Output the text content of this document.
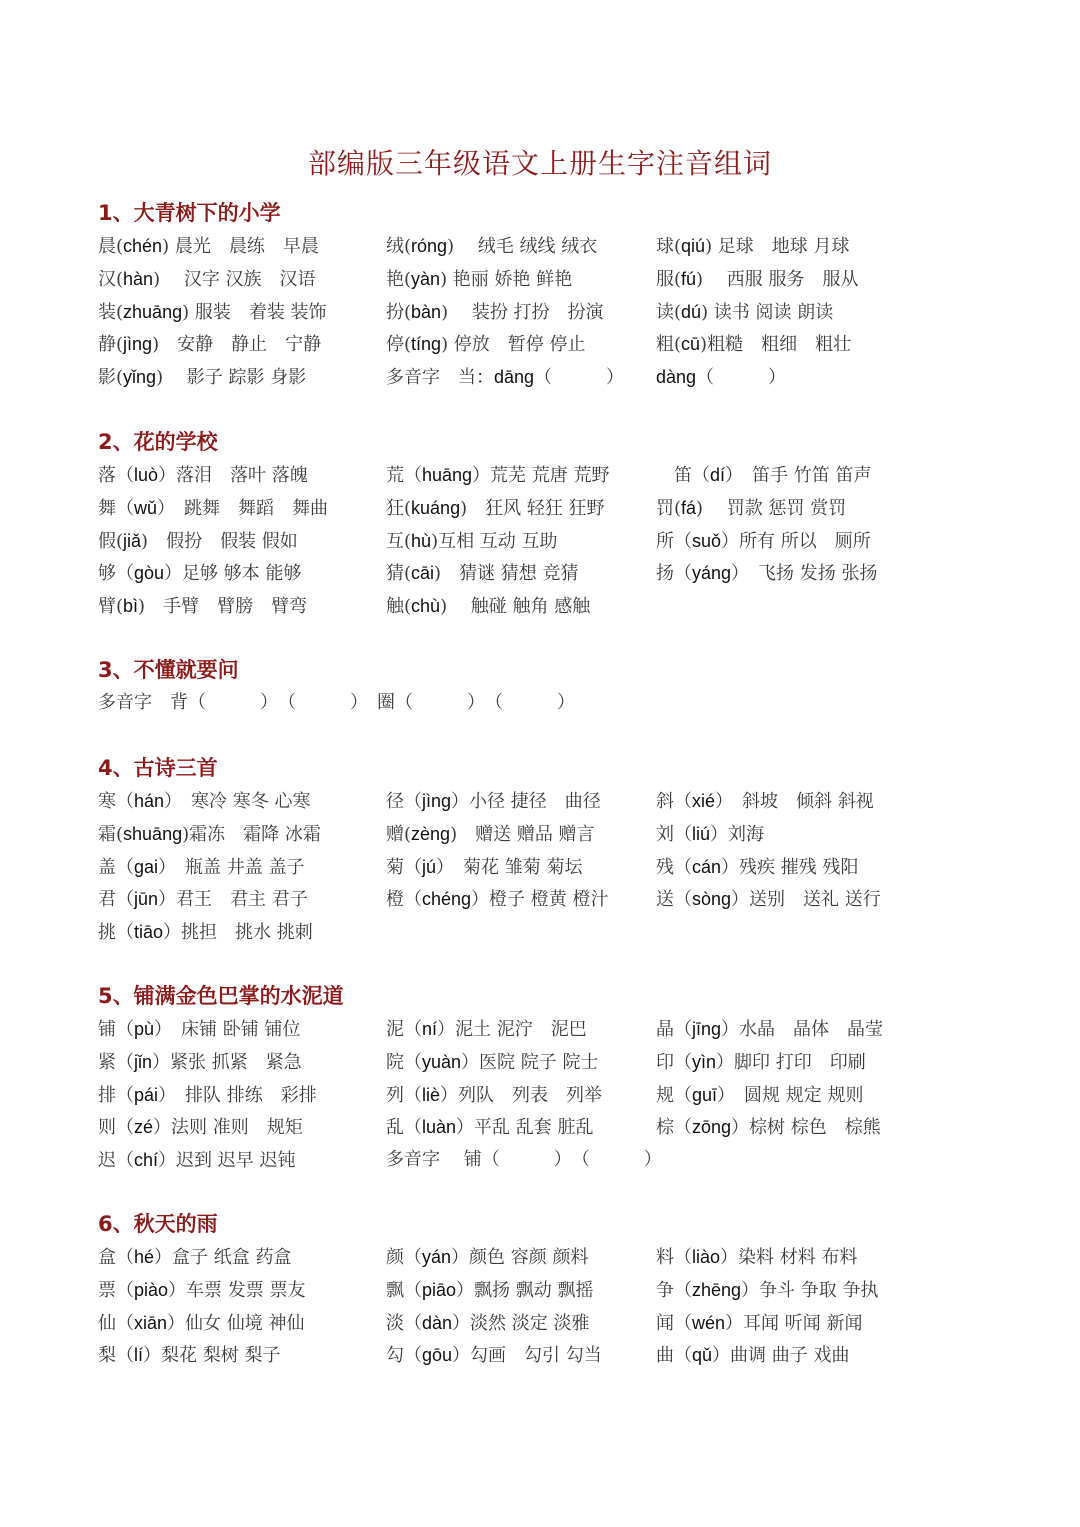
部编版三年级语文上册生字注音组词
1、大青树下的小学
晨(chén) 晨光　晨练　早晨	绒(róng)　 绒毛 绒线 绒衣	球(qiú) 足球　地球 月球
汉(hàn)　 汉字 汉族　汉语	艳(yàn) 艳丽 娇艳 鲜艳	服(fú)　 西服 服务　服从
装(zhuāng) 服装　着装 装饰	扮(bàn)　 装扮 打扮　扮演	读(dú) 读书 阅读 朗读
静(jìng)　安静　静止　宁静	停(tíng) 停放　暂停 停止	粗(cū)粗糙　粗细　粗壮
影(yǐng)　 影子 踪影 身影	多音字　当：dāng（　　　） dàng（　　　）
2、花的学校
落（luò）落泪　落叶 落魄	荒（huāng）荒芜 荒唐 荒野	　笛（dí）　笛手 竹笛 笛声
舞（wǔ）　跳舞　舞蹈　舞曲	狂(kuáng)　狂风 轻狂 狂野	罚(fá)　 罚款 惩罚 赏罚
假(jiǎ)　假扮　假装 假如	互(hù)互相 互动 互助	所（suǒ）所有 所以　厕所
够（gòu）足够 够本 能够	猜(cāi)　猜谜 猜想 竞猜	扬（yáng）　飞扬 发扬 张扬
臂(bì)　手臂　臂膀　臂弯	触(chù)　 触碰 触角 感触
3、不懂就要问
多音字　背（　　　）　（　　　）　圈（　　　）　（　　　）
4、古诗三首
寒（hán）　寒冷 寒冬 心寒	径（jìng）小径 捷径　曲径	斜（xié）　斜坡　倾斜 斜视
霜(shuāng)霜冻　霜降 冰霜	赠(zèng)　赠送 赠品 赠言	刘（liú）刘海
盖（gai）　瓶盖 井盖 盖子	菊（jú）　菊花 雏菊 菊坛	残（cán）残疾 摧残 残阳
君（jūn）君王　君主 君子	橙（chéng）橙子 橙黄 橙汁	送（sòng）送别　送礼 送行
挑（tiāo）挑担　挑水 挑刺
5、铺满金色巴掌的水泥道
铺（pù）　床铺 卧铺 铺位	泥（ní）泥土 泥泞　泥巴	晶（jīng）水晶　晶体　晶莹
紧（jǐn）紧张 抓紧　紧急	院（yuàn）医院 院子 院士	印（yìn）脚印 打印　印刷
排（pái）　排队 排练　彩排	列（liè）列队　列表　列举	规（guī）　圆规 规定 规则
则（zé）法则 准则　规矩	乱（luàn）平乱 乱套 脏乱	棕（zōng）棕树 棕色　棕熊
迟（chí）迟到 迟早 迟钝	多音字　 铺（　　　）　（　　　）
6、秋天的雨
盒（hé）盒子 纸盒 药盒	颜（yán）颜色 容颜 颜料	料（liào）染料 材料 布料
票（piào）车票 发票 票友	飘（piāo）飘扬 飘动 飘摇	争（zhēng）争斗 争取 争执
仙（xiān）仙女 仙境 神仙	淡（dàn）淡然 淡定 淡雅	闻（wén）耳闻 听闻 新闻
梨（lí）梨花 梨树 梨子	勾（gōu）勾画　勾引 勾当	曲（qǔ）曲调 曲子 戏曲
